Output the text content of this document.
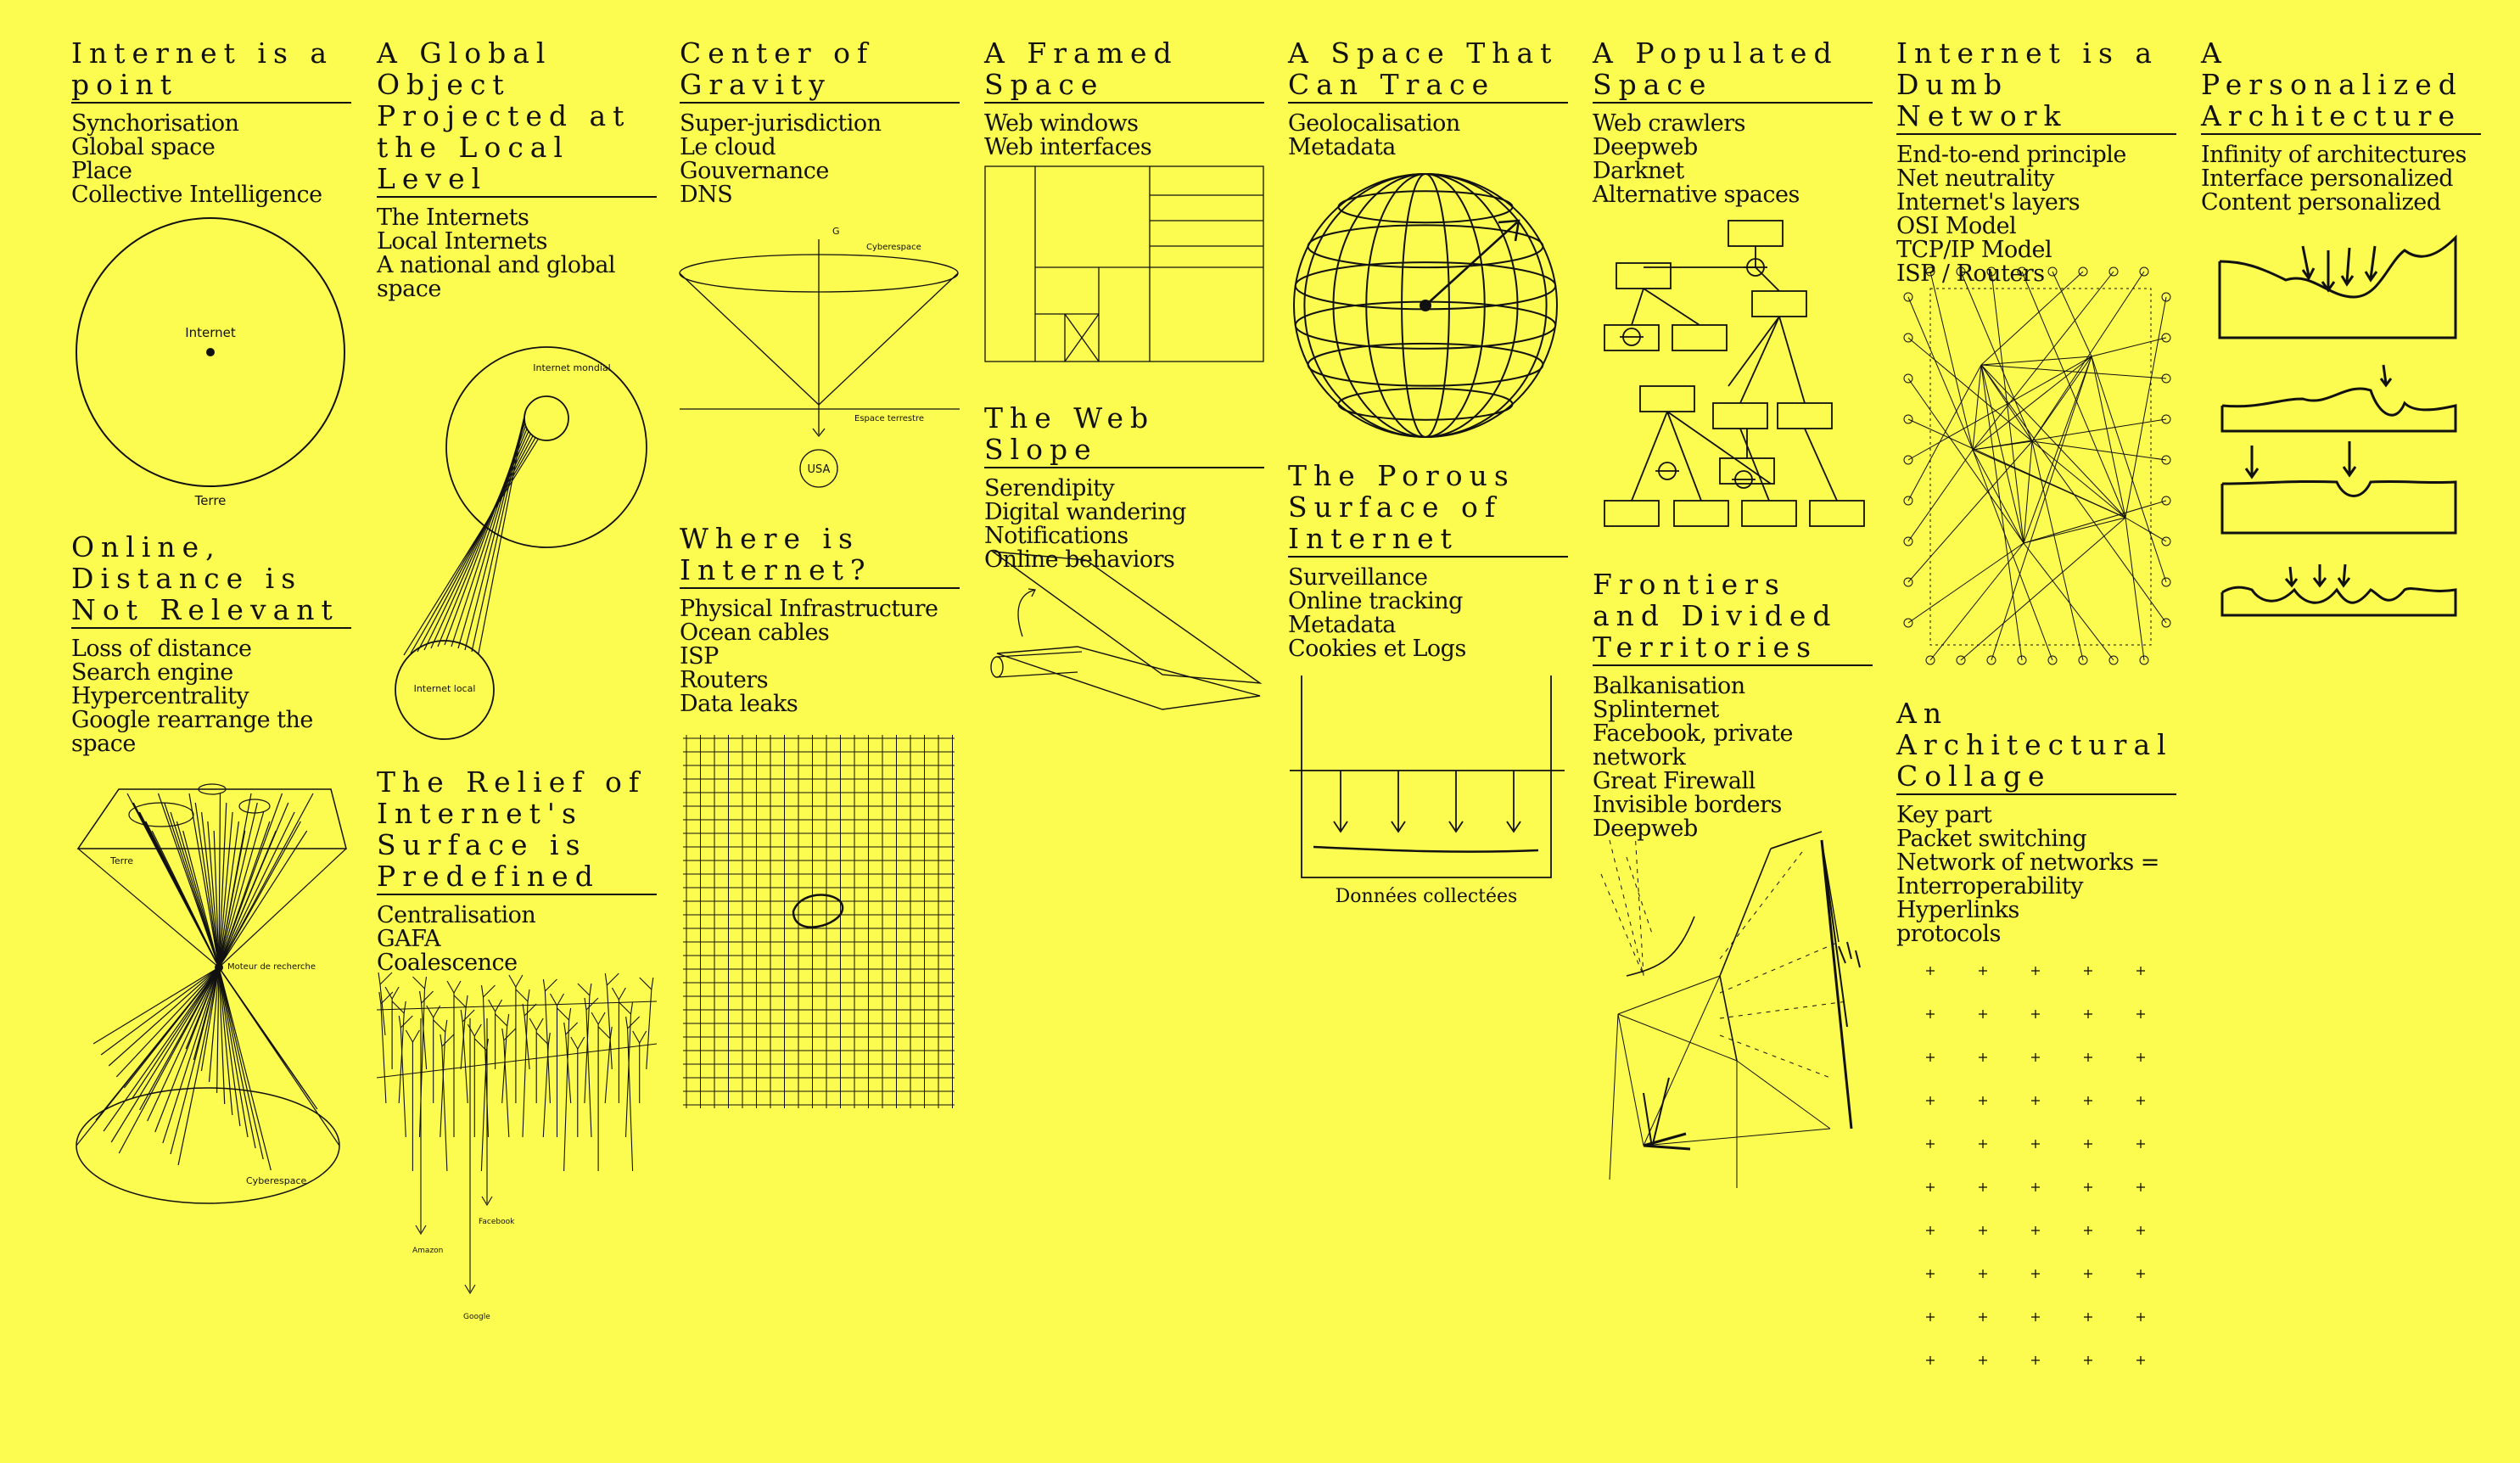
Internet is a point
Synchorisation
Global space
Place
Collective Intelligence
Internet
Terre
Online, Distance is Not Relevant
Loss of distance
Search engine
Hypercentrality
Google rearrange the space
Terre
Moteur de recherche
Cyberespace
A Global Object Projected at the Local Level
The Internets
Local Internets
A national and global space
Internet mondial
Internet local
The Relief of Internet's Surface is Predefined
Centralisation
GAFA
Coalescence
Amazon
Facebook
Google
Center of Gravity
Super-jurisdiction
Le cloud
Gouvernance
DNS
G
Cyberespace
Espace terrestre
USA
Where is Internet?
Physical Infrastructure
Ocean cables
ISP
Routers
Data leaks
A Framed Space
Web windows
Web interfaces
The Web Slope
Serendipity
Digital wandering
Notifications
Online behaviors
A Space That Can Trace
Geolocalisation
Metadata
The Porous Surface of Internet
Surveillance
Online tracking
Metadata
Cookies et Logs
Données collectées
A Populated Space
Web crawlers
Deepweb
Darknet
Alternative spaces
Frontiers and Divided Territories
Balkanisation
Splinternet
Facebook, private network
Great Firewall
Invisible borders
Deepweb
Internet is a Dumb Network
End-to-end principle
Net neutrality
Internet's layers
OSI Model
TCP/IP Model
ISP / Routers
An Architectural Collage
Key part
Packet switching
Network of networks = Interroperability
Hyperlinks
protocols
A Personalized Architecture
Infinity of architectures
Interface personalized
Content personalized
